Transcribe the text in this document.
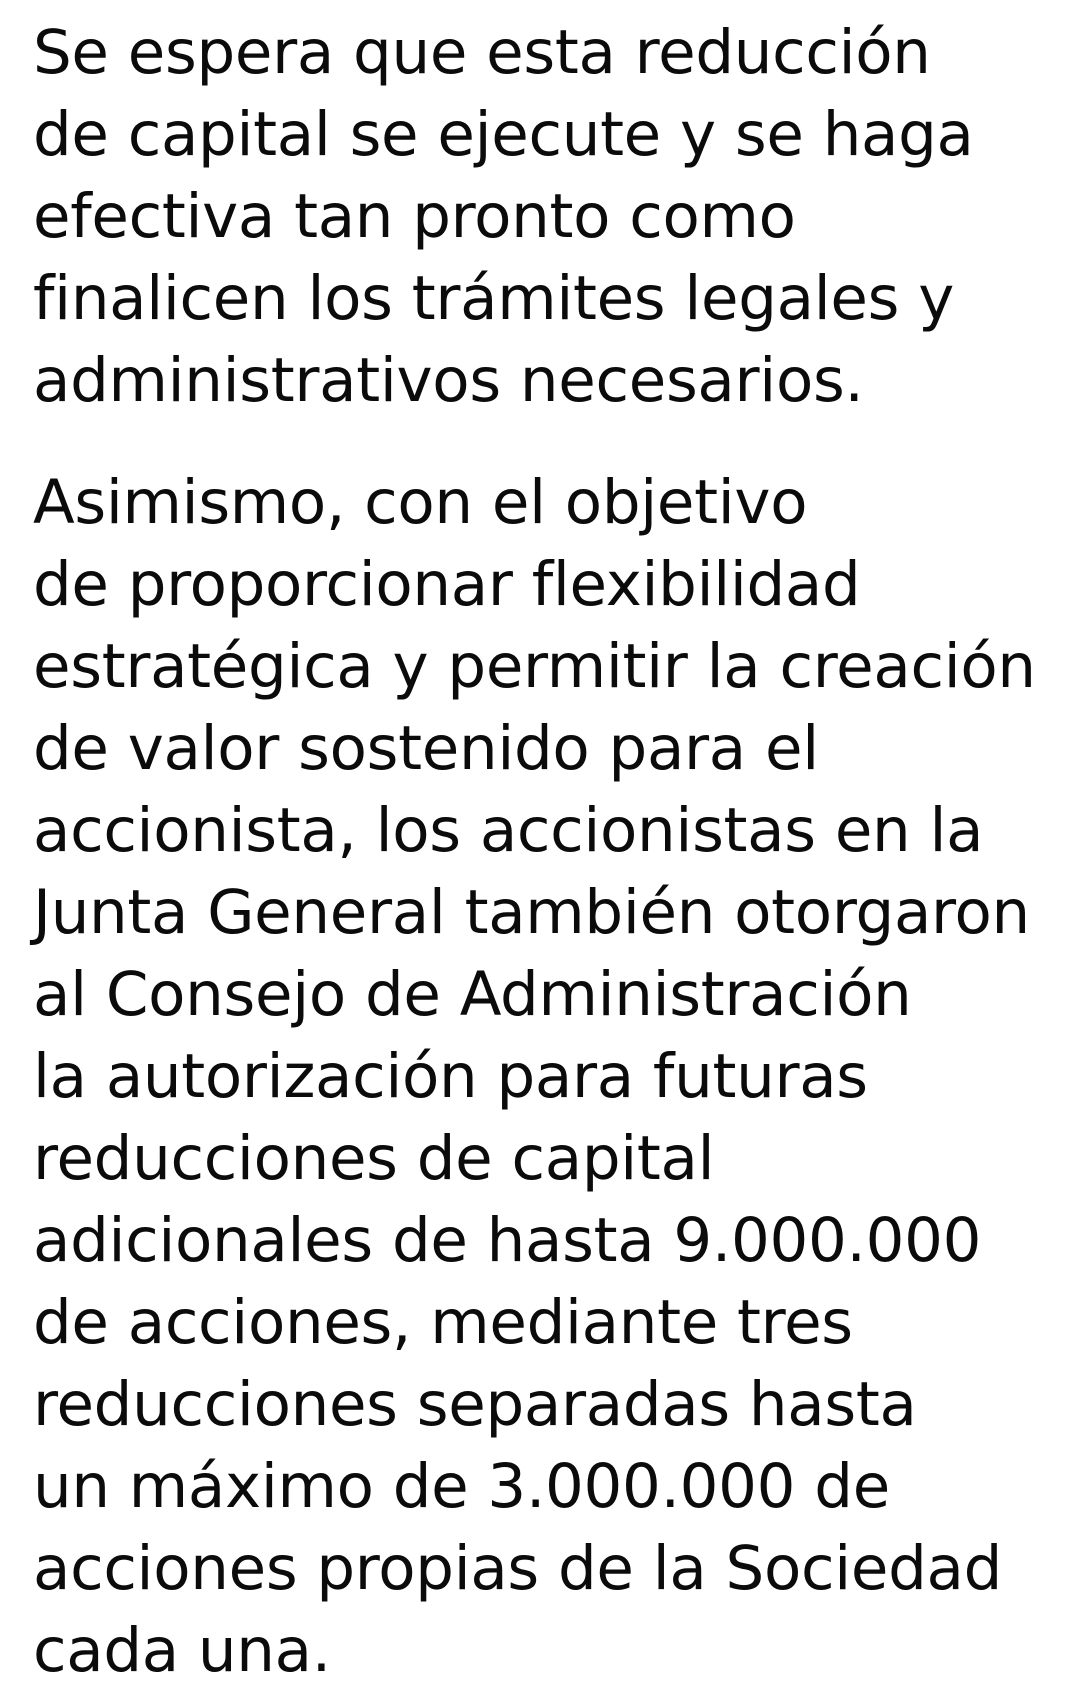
Se espera que esta reducción
de capital se ejecute y se haga
efectiva tan pronto como
finalicen los trámites legales y
administrativos necesarios.

Asimismo, con el objetivo
de proporcionar flexibilidad
estratégica y permitir la creación
de valor sostenido para el
accionista, los accionistas en la
Junta General también otorgaron
al Consejo de Administración
la autorización para futuras
reducciones de capital
adicionales de hasta 9.000.000
de acciones, mediante tres
reducciones separadas hasta
un máximo de 3.000.000 de
acciones propias de la Sociedad
cada una.
